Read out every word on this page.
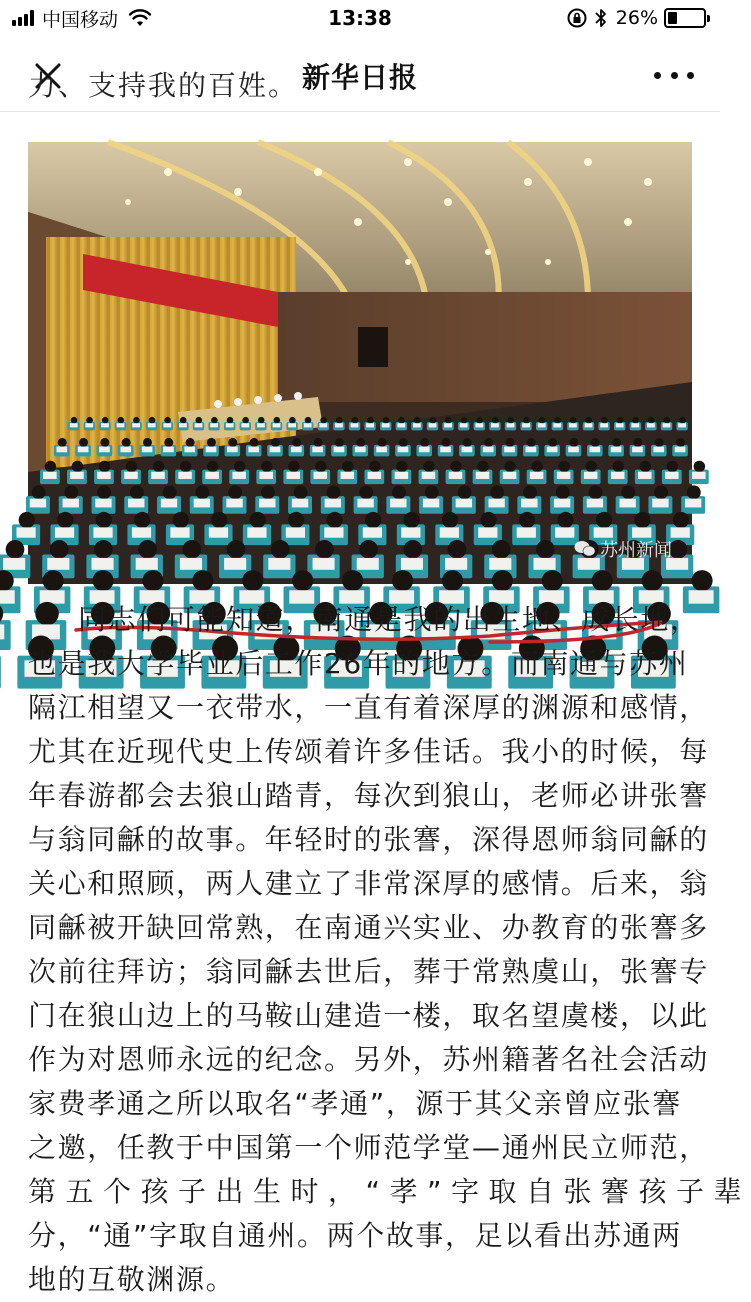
中国移动	13:38	26%
新华日报
力、支持我的百姓。
苏州新闻
同志们可能知道，南通是我的出生地、成长地，
也是我大学毕业后工作26年的地方。而南通与苏州
隔江相望又一衣带水，一直有着深厚的渊源和感情，
尤其在近现代史上传颂着许多佳话。我小的时候，每
年春游都会去狼山踏青，每次到狼山，老师必讲张謇
与翁同龢的故事。年轻时的张謇，深得恩师翁同龢的
关心和照顾，两人建立了非常深厚的感情。后来，翁
同龢被开缺回常熟，在南通兴实业、办教育的张謇多
次前往拜访；翁同龢去世后，葬于常熟虞山，张謇专
门在狼山边上的马鞍山建造一楼，取名望虞楼，以此
作为对恩师永远的纪念。另外，苏州籍著名社会活动
家费孝通之所以取名“孝通”，源于其父亲曾应张謇
之邀，任教于中国第一个师范学堂—通州民立师范，
第五个孩子出生时，“孝”字取自张謇孩子辈
分，“通”字取自通州。两个故事，足以看出苏通两
地的互敬渊源。
